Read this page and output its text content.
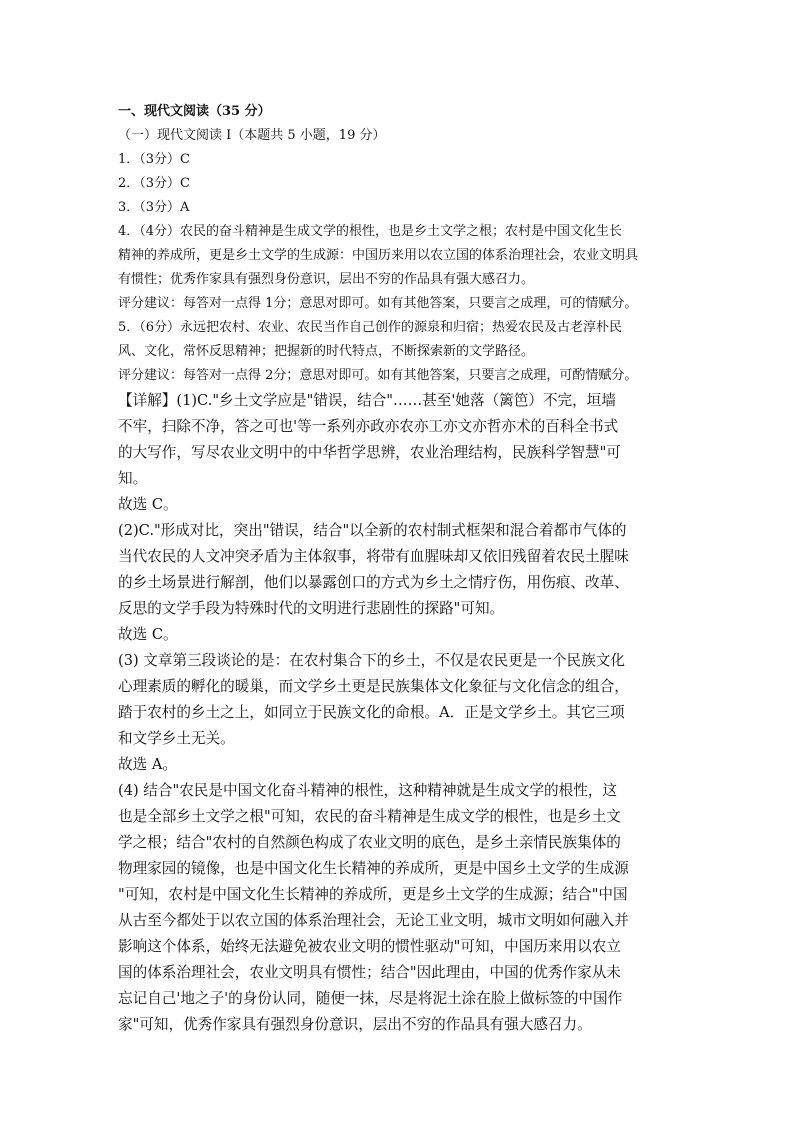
一、现代文阅读（35 分）

（一）现代文阅读 I（本题共 5 小题，19 分）

1．（3分）C

2．（3分）C

3．（3分）A

4．（4分）农民的奋斗精神是生成文学的根性，也是乡土文学之根；农村是中国文化生长

精神的养成所，更是乡土文学的生成源：中国历来用以农立国的体系治理社会，农业文明具

有惯性；优秀作家具有强烈身份意识，层出不穷的作品具有强大感召力。

评分建议：每答对一点得 1分；意思对即可。如有其他答案，只要言之成理，可的情赋分。

5．（6分）永远把农村、农业、农民当作自己创作的源泉和归宿；热爱农民及古老淳朴民

风、文化，常怀反思精神；把握新的时代特点，不断探索新的文学路径。

评分建议：每答对一点得 2分；意思对即可。如有其他答案，只要言之成理，可酌情赋分。

【详解】(1)C."乡土文学应是"错误，结合"……甚至'她落（篱笆）不完，垣墙
不牢，扫除不净，答之可也'等一系列亦政亦农亦工亦文亦哲亦术的百科全书式
的大写作，写尽农业文明中的中华哲学思辨，农业治理结构，民族科学智慧"可
知。
故选 C。
(2)C."形成对比，突出"错误，结合"以全新的农村制式框架和混合着都市气体的
当代农民的人文冲突矛盾为主体叙事，将带有血腥味却又依旧残留着农民土腥味
的乡土场景进行解剖，他们以暴露创口的方式为乡土之情疗伤，用伤痕、改革、
反思的文学手段为特殊时代的文明进行悲剧性的探路"可知。
故选 C。
(3) 文章第三段谈论的是：在农村集合下的乡土，不仅是农民更是一个民族文化
心理素质的孵化的暖巢，而文学乡土更是民族集体文化象征与文化信念的组合，
踏于农村的乡土之上，如同立于民族文化的命根。A．正是文学乡土。其它三项
和文学乡土无关。
故选 A。
(4) 结合"农民是中国文化奋斗精神的根性，这种精神就是生成文学的根性，这
也是全部乡土文学之根"可知，农民的奋斗精神是生成文学的根性，也是乡土文
学之根；结合"农村的自然颜色构成了农业文明的底色，是乡土亲情民族集体的
物理家园的镜像，也是中国文化生长精神的养成所，更是中国乡土文学的生成源
"可知，农村是中国文化生长精神的养成所，更是乡土文学的生成源；结合"中国
从古至今都处于以农立国的体系治理社会，无论工业文明，城市文明如何融入并
影响这个体系，始终无法避免被农业文明的惯性驱动"可知，中国历来用以农立
国的体系治理社会，农业文明具有惯性；结合"因此理由，中国的优秀作家从未
忘记自己'地之子'的身份认同，随便一抹，尽是将泥土涂在脸上做标签的中国作
家"可知，优秀作家具有强烈身份意识，层出不穷的作品具有强大感召力。
